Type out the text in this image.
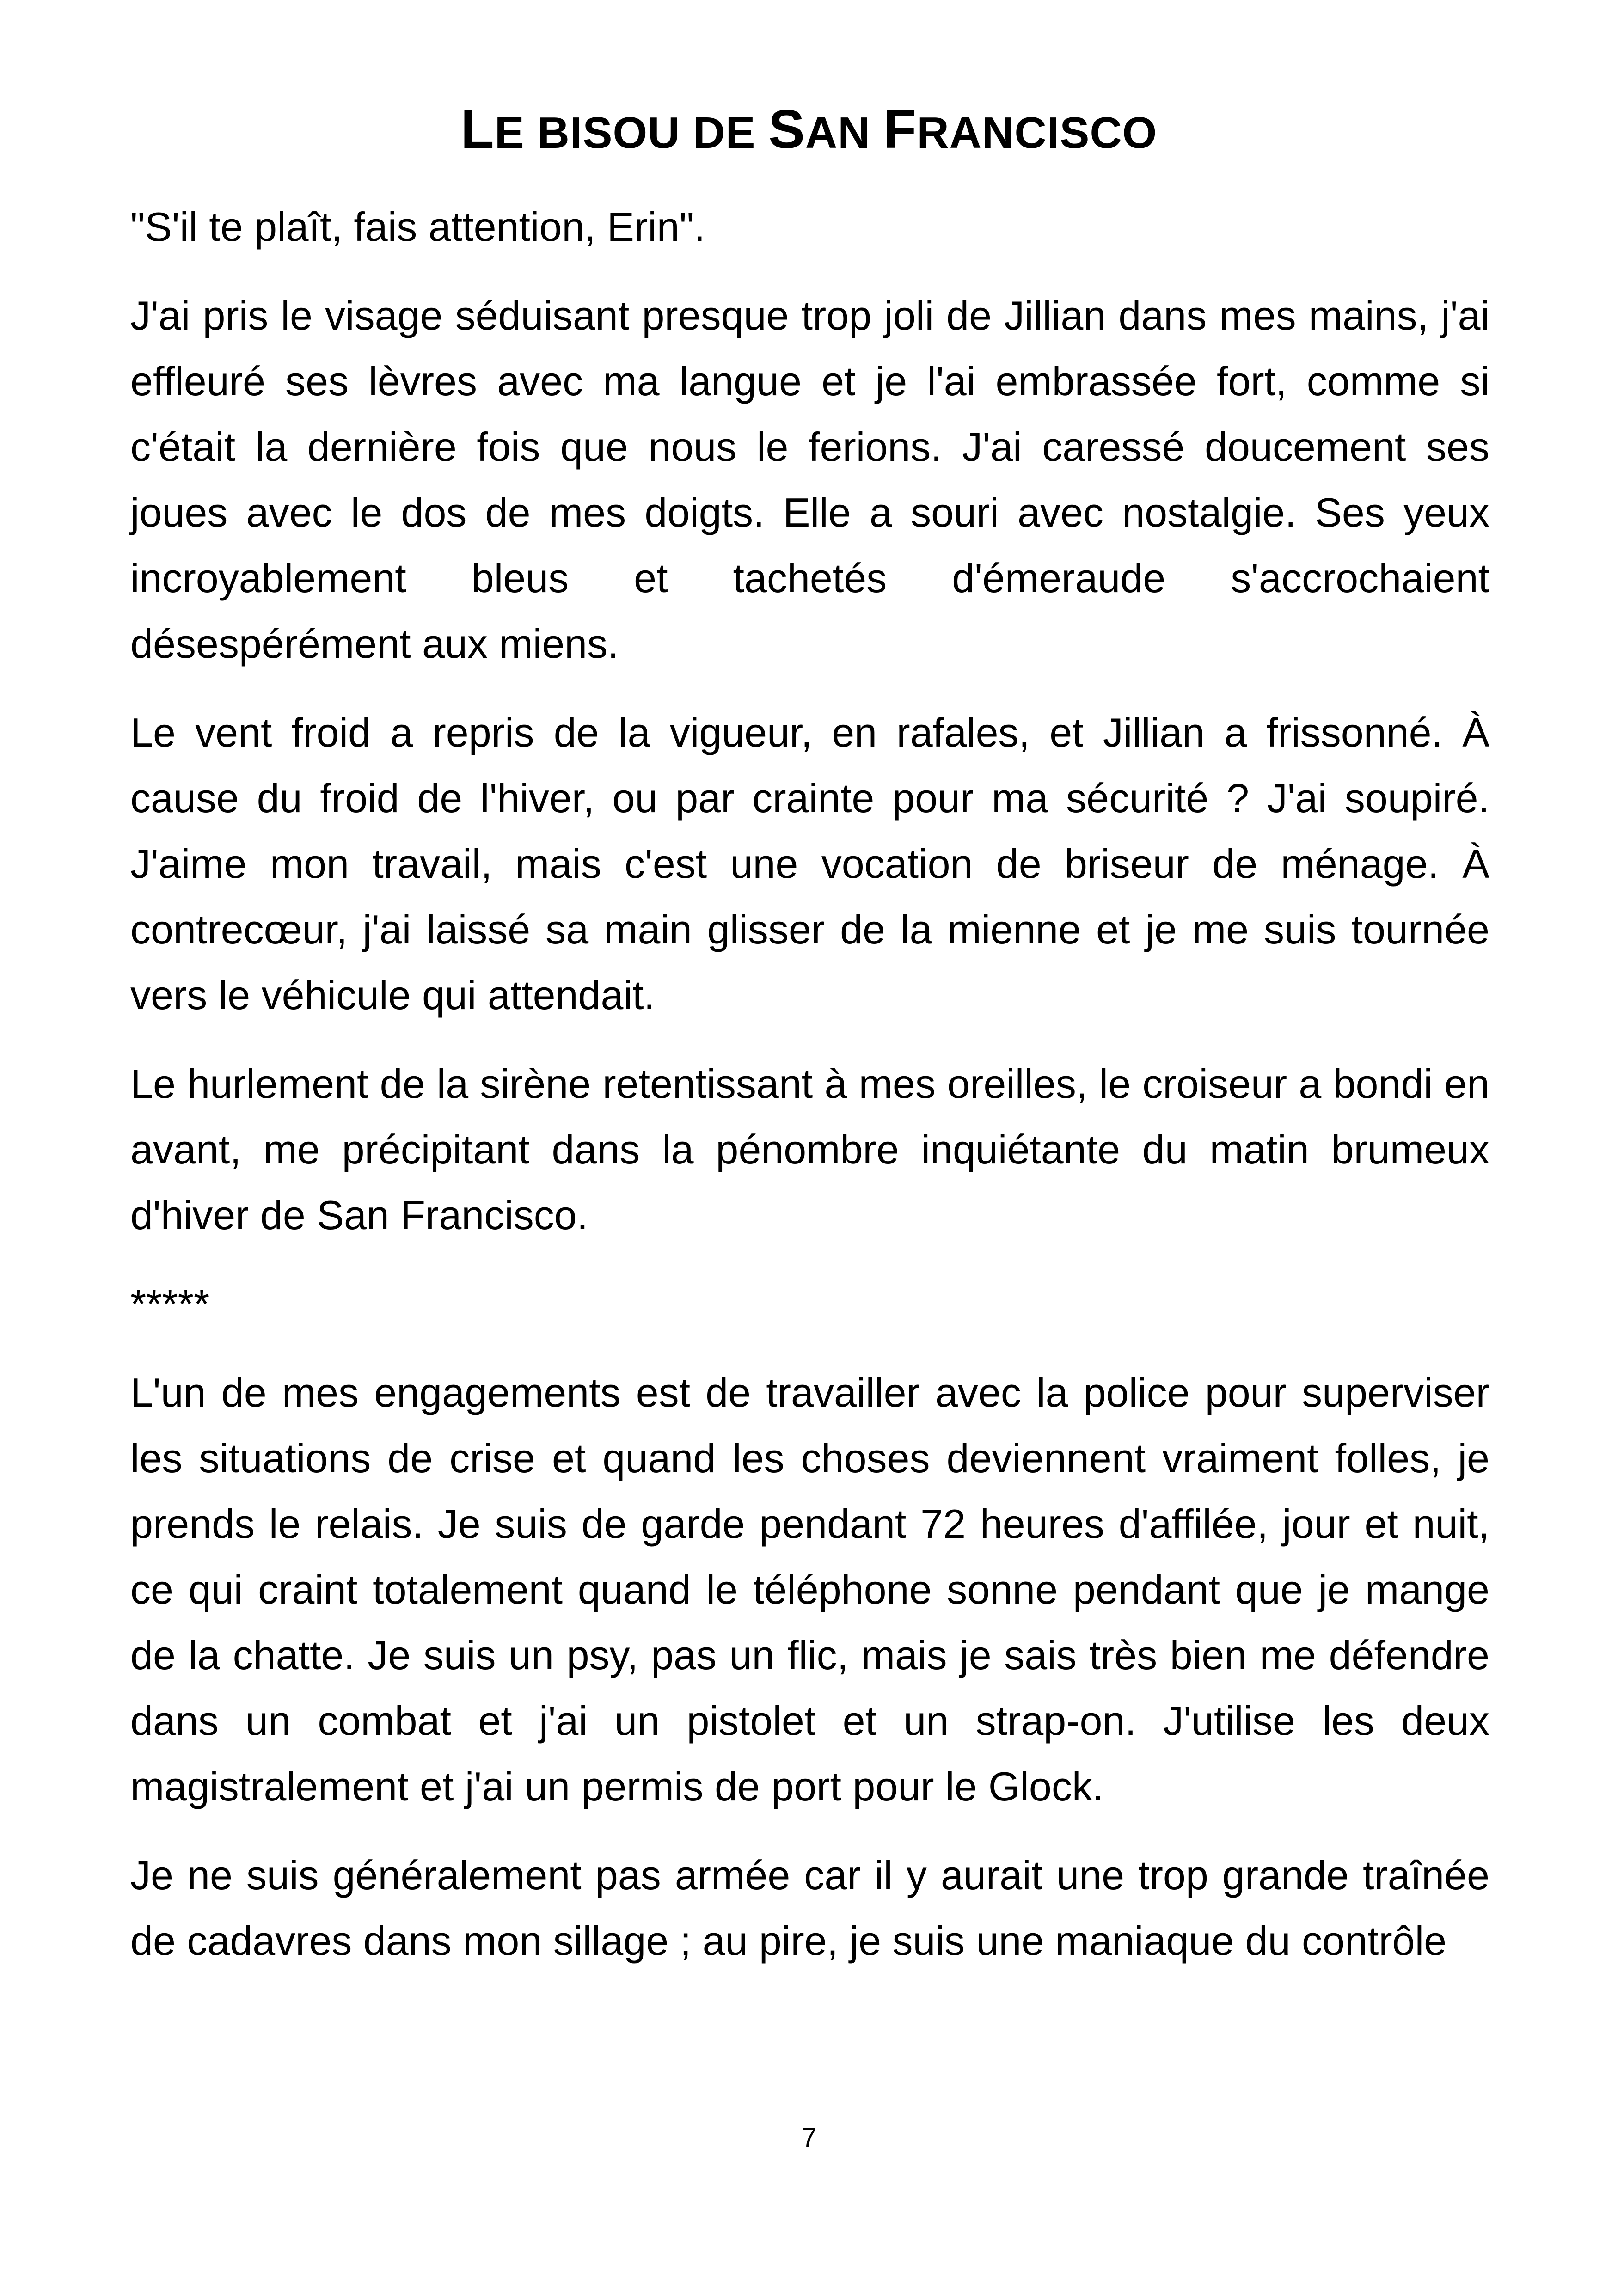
LE BISOU DE SAN FRANCISCO

"S'il te plaît, fais attention, Erin".

J'ai pris le visage séduisant presque trop joli de Jillian dans mes mains, j'ai effleuré ses lèvres avec ma langue et je l'ai embrassée fort, comme si c'était la dernière fois que nous le ferions. J'ai caressé doucement ses joues avec le dos de mes doigts. Elle a souri avec nostalgie. Ses yeux incroyablement bleus et tachetés d'émeraude s'accrochaient désespérément aux miens.

Le vent froid a repris de la vigueur, en rafales, et Jillian a frissonné. À cause du froid de l'hiver, ou par crainte pour ma sécurité ? J'ai soupiré. J'aime mon travail, mais c'est une vocation de briseur de ménage. À contrecœur, j'ai laissé sa main glisser de la mienne et je me suis tournée vers le véhicule qui attendait.

Le hurlement de la sirène retentissant à mes oreilles, le croiseur a bondi en avant, me précipitant dans la pénombre inquiétante du matin brumeux d'hiver de San Francisco.

*****

L'un de mes engagements est de travailler avec la police pour superviser les situations de crise et quand les choses deviennent vraiment folles, je prends le relais. Je suis de garde pendant 72 heures d'affilée, jour et nuit, ce qui craint totalement quand le téléphone sonne pendant que je mange de la chatte. Je suis un psy, pas un flic, mais je sais très bien me défendre dans un combat et j'ai un pistolet et un strap-on. J'utilise les deux magistralement et j'ai un permis de port pour le Glock.

Je ne suis généralement pas armée car il y aurait une trop grande traînée de cadavres dans mon sillage ; au pire, je suis une maniaque du contrôle

7
